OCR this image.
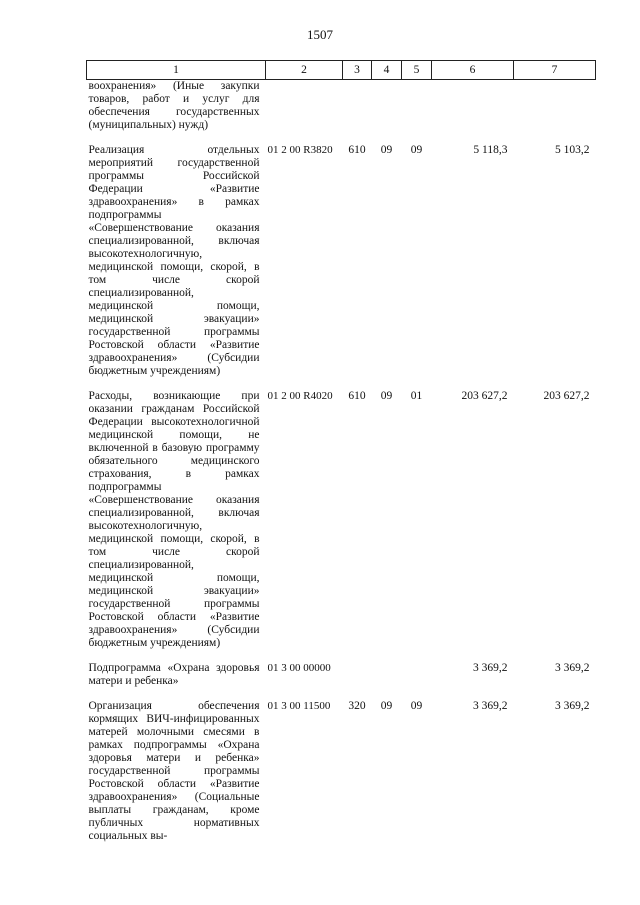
1507
1	2	3	4	5	6	7
воохранения» (Иные закупки товаров, работ и услуг для обеспечения государственных (муниципальных) нужд)						

Реализация отдельных мероприятий государственной программы Российской Федерации «Развитие здравоохранения» в рамках подпрограммы «Совершенствование оказания специализированной, включая высокотехнологичную, медицинской помощи, скорой, в том числе скорой специализированной, медицинской помощи, медицинской эвакуации» государственной программы Ростовской области «Развитие здравоохранения» (Субсидии бюджетным учреждениям)	01 2 00 R3820	610	09	09	5 118,3	5 103,2

Расходы, возникающие при оказании гражданам Российской Федерации высокотехнологичной медицинской помощи, не включенной в базовую программу обязательного медицинского страхования, в рамках подпрограммы «Совершенствование оказания специализированной, включая высокотехнологичную, медицинской помощи, скорой, в том числе скорой специализированной, медицинской помощи, медицинской эвакуации» государственной программы Ростовской области «Развитие здравоохранения» (Субсидии бюджетным учреждениям)	01 2 00 R4020	610	09	01	203 627,2	203 627,2

Подпрограмма «Охрана здоровья матери и ребенка»	01 3 00 00000				3 369,2	3 369,2

Организация обеспечения кормящих ВИЧ-инфицированных матерей молочными смесями в рамках подпрограммы «Охрана здоровья матери и ребенка» государственной программы Ростовской области «Развитие здравоохранения» (Социальные выплаты гражданам, кроме публичных нормативных социальных вы-	01 3 00 11500	320	09	09	3 369,2	3 369,2
